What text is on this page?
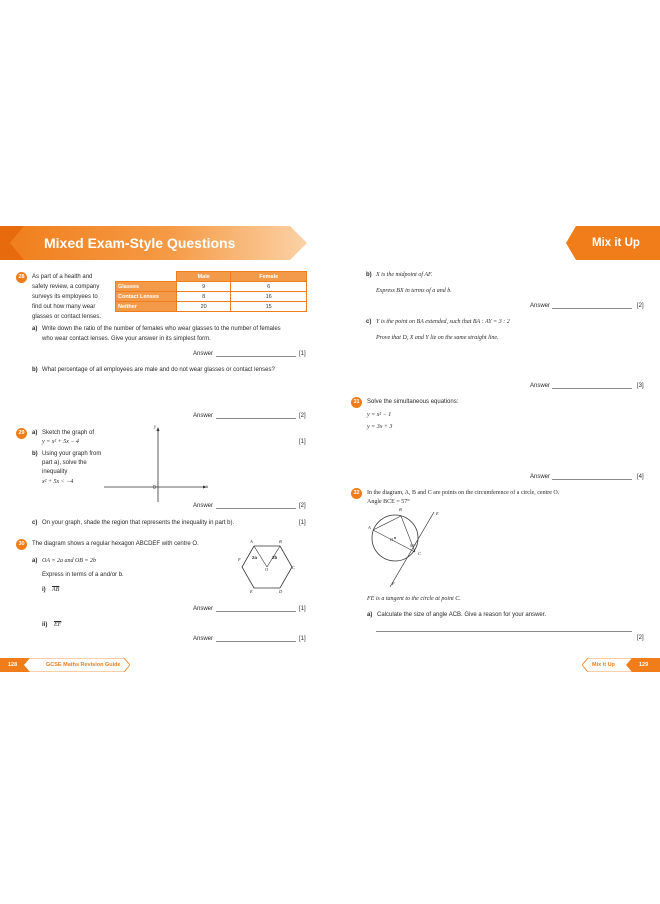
Mixed Exam-Style Questions	Mix it Up
28	As part of a health and
safety review, a company
surveys its employees to
find out how many wear
glasses or contact lenses.
	Male	Female
Glasses	9	6
Contact Lenses	8	16
Neither	20	15
a) Write down the ratio of the number of females who wear glasses to the number of females
who wear contact lenses. Give your answer in its simplest form.
Answer	[1]
b) What percentage of all employees are male and do not wear glasses or contact lenses?
Answer	[2]
29	a) Sketch the graph of
y = x² + 5x − 4	[1]
b) Using your graph from
part a), solve the
inequality
x² + 5x < −4
y
x
0
Answer	[2]
c) On your graph, shade the region that represents the inequality in part b).	[1]
30	The diagram shows a regular hexagon ABCDEF with centre O.
a) OA = 2a and OB = 2b
Express in terms of a and/or b.
i) $\overline{AB}$
Answer	[1]
ii) $\overline{EF}$
Answer	[1]
A	B
F
C
O
E	D
2a	2b
b) X is the midpoint of AF.
Express BX in terms of a and b.
Answer	[2]
c) Y is the point on BA extended, such that BA : AY = 3 : 2
Prove that D, X and Y lie on the same straight line.
Answer	[3]
31	Solve the simultaneous equations:
y = x² − 1
y = 3x + 3
Answer	[4]
32	In the diagram, A, B and C are points on the circumference of a circle, centre O.
Angle BCE = 57°
B
E
A
O
57°
C
F
FE is a tangent to the circle at point C.
a) Calculate the size of angle ACB. Give a reason for your answer.
[2]
128	GCSE Maths Revision Guide	Mix it Up	129
